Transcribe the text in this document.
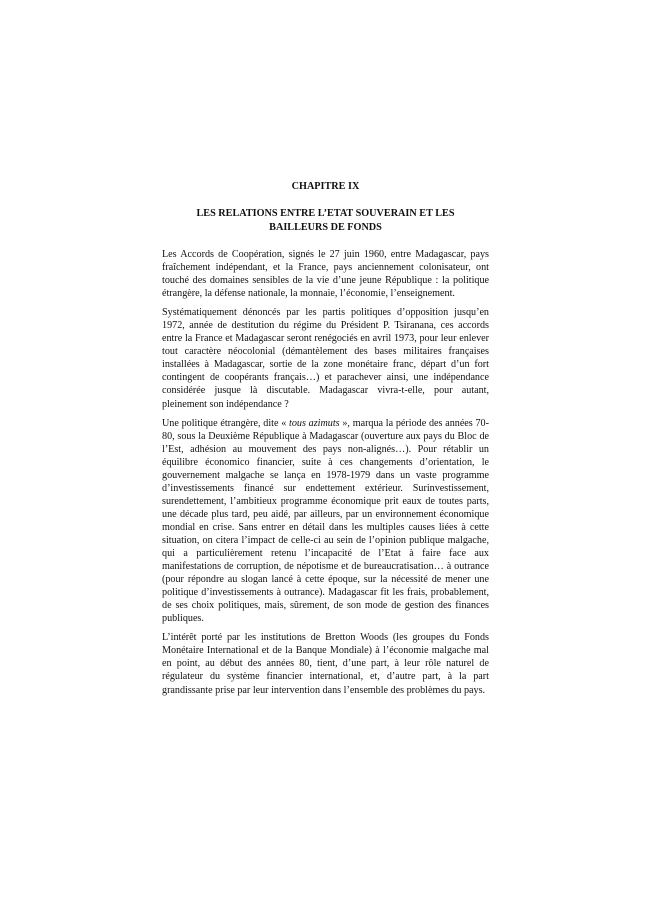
CHAPITRE IX
LES RELATIONS ENTRE L’ETAT SOUVERAIN ET LES
BAILLEURS DE FONDS

Les Accords de Coopération, signés le 27 juin 1960, entre Madagascar, pays fraîchement indépendant, et la France, pays anciennement colonisateur, ont touché des domaines sensibles de la vie d’une jeune République : la politique étrangère, la défense nationale, la monnaie, l’économie, l’enseignement.

Systématiquement dénoncés par les partis politiques d’opposition jusqu’en 1972, année de destitution du régime du Président P. Tsiranana, ces accords entre la France et Madagascar seront renégociés en avril 1973, pour leur enlever tout caractère néocolonial (démantèlement des bases militaires françaises installées à Madagascar, sortie de la zone monétaire franc, départ d’un fort contingent de coopérants français…) et parachever ainsi, une indépendance considérée jusque là discutable. Madagascar vivra-t-elle, pour autant, pleinement son indépendance ?

Une politique étrangère, dite « tous azimuts », marqua la période des années 70-80, sous la Deuxième République à Madagascar (ouverture aux pays du Bloc de l’Est, adhésion au mouvement des pays non-alignés…). Pour rétablir un équilibre économico financier, suite à ces changements d’orientation, le gouvernement malgache se lança en 1978-1979 dans un vaste programme d’investissements financé sur endettement extérieur. Surinvestissement, surendettement, l’ambitieux programme économique prit eaux de toutes parts, une décade plus tard, peu aidé, par ailleurs, par un environnement économique mondial en crise. Sans entrer en détail dans les multiples causes liées à cette situation, on citera l’impact de celle-ci au sein de l’opinion publique malgache, qui a particulièrement retenu l’incapacité de l’Etat à faire face aux manifestations de corruption, de népotisme et de bureaucratisation… à outrance (pour répondre au slogan lancé à cette époque, sur la nécessité de mener une politique d’investissements à outrance). Madagascar fit les frais, probablement, de ses choix politiques, mais, sûrement, de son mode de gestion des finances publiques.

L’intérêt porté par les institutions de Bretton Woods (les groupes du Fonds Monétaire International et de la Banque Mondiale) à l’économie malgache mal en point, au début des années 80, tient, d’une part, à leur rôle naturel de régulateur du système financier international, et, d’autre part, à la part grandissante prise par leur intervention dans l’ensemble des problèmes du pays.
